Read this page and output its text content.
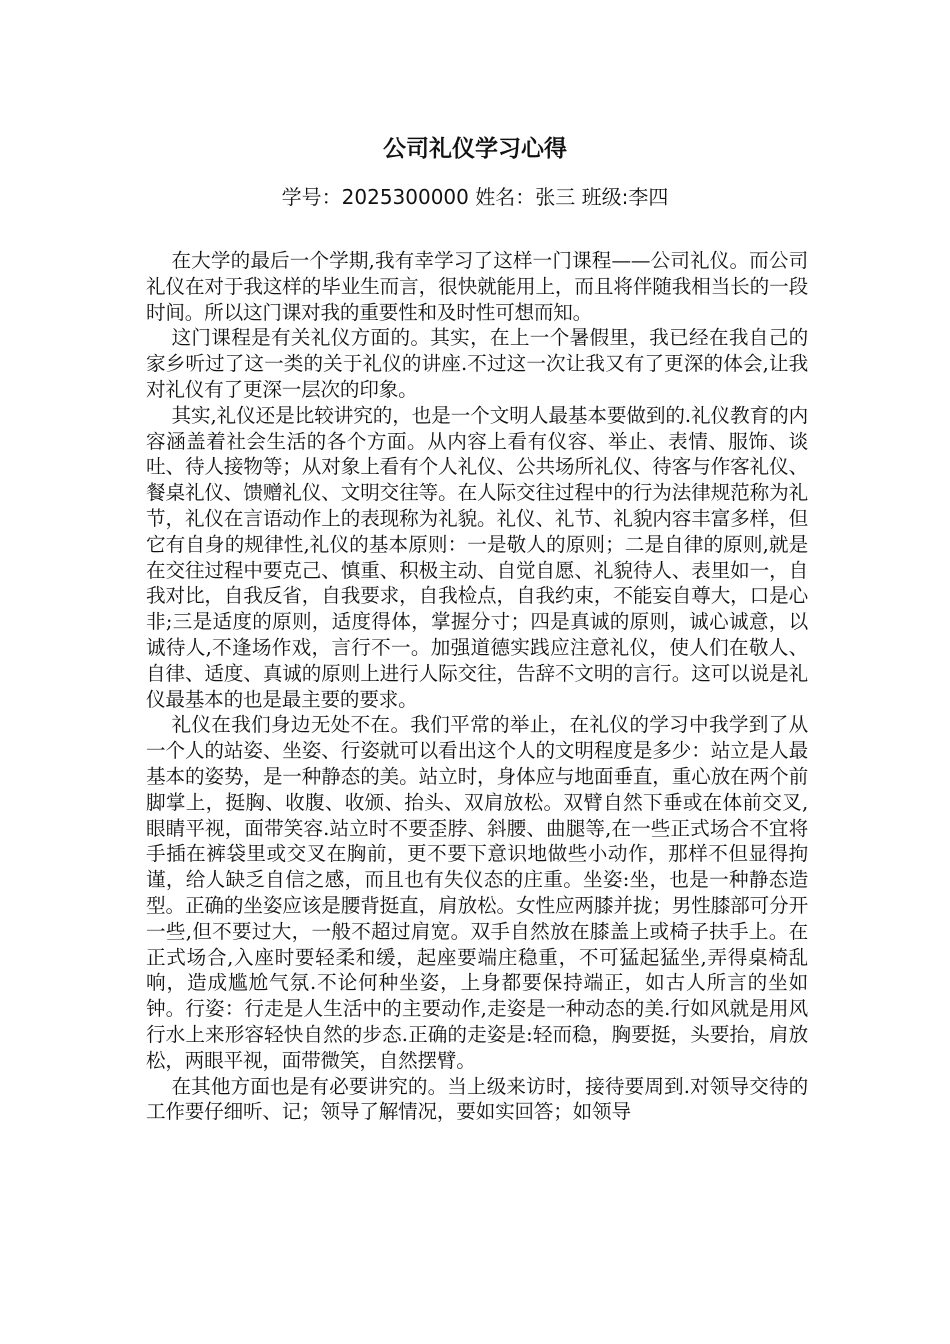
公司礼仪学习心得
学号：2025300000 姓名：张三 班级:李四

在大学的最后一个学期,我有幸学习了这样一门课程——公司礼仪。而公司礼仪在对于我这样的毕业生而言，很快就能用上，而且将伴随我相当长的一段时间。所以这门课对我的重要性和及时性可想而知。

这门课程是有关礼仪方面的。其实，在上一个暑假里，我已经在我自己的家乡听过了这一类的关于礼仪的讲座.不过这一次让我又有了更深的体会,让我对礼仪有了更深一层次的印象。

其实,礼仪还是比较讲究的，也是一个文明人最基本要做到的.礼仪教育的内容涵盖着社会生活的各个方面。从内容上看有仪容、举止、表情、服饰、谈吐、待人接物等；从对象上看有个人礼仪、公共场所礼仪、待客与作客礼仪、餐桌礼仪、馈赠礼仪、文明交往等。在人际交往过程中的行为法律规范称为礼节，礼仪在言语动作上的表现称为礼貌。礼仪、礼节、礼貌内容丰富多样，但它有自身的规律性,礼仪的基本原则：一是敬人的原则；二是自律的原则,就是在交往过程中要克己、慎重、积极主动、自觉自愿、礼貌待人、表里如一，自我对比，自我反省，自我要求，自我检点，自我约束，不能妄自尊大，口是心非;三是适度的原则，适度得体，掌握分寸；四是真诚的原则，诚心诚意，以诚待人,不逢场作戏，言行不一。加强道德实践应注意礼仪，使人们在敬人、自律、适度、真诚的原则上进行人际交往，告辞不文明的言行。这可以说是礼仪最基本的也是最主要的要求。

礼仪在我们身边无处不在。我们平常的举止，在礼仪的学习中我学到了从一个人的站姿、坐姿、行姿就可以看出这个人的文明程度是多少：站立是人最基本的姿势，是一种静态的美。站立时，身体应与地面垂直，重心放在两个前脚掌上，挺胸、收腹、收颁、抬头、双肩放松。双臂自然下垂或在体前交叉,眼睛平视，面带笑容.站立时不要歪脖、斜腰、曲腿等,在一些正式场合不宜将手插在裤袋里或交叉在胸前，更不要下意识地做些小动作，那样不但显得拘谨，给人缺乏自信之感，而且也有失仪态的庄重。坐姿:坐，也是一种静态造型。正确的坐姿应该是腰背挺直，肩放松。女性应两膝并拢；男性膝部可分开一些,但不要过大，一般不超过肩宽。双手自然放在膝盖上或椅子扶手上。在正式场合,入座时要轻柔和缓，起座要端庄稳重，不可猛起猛坐,弄得桌椅乱响，造成尴尬气氛.不论何种坐姿，上身都要保持端正，如古人所言的坐如钟。行姿：行走是人生活中的主要动作,走姿是一种动态的美.行如风就是用风行水上来形容轻快自然的步态.正确的走姿是:轻而稳，胸要挺，头要抬，肩放松，两眼平视，面带微笑，自然摆臂。

在其他方面也是有必要讲究的。当上级来访时，接待要周到.对领导交待的工作要仔细听、记；领导了解情况，要如实回答；如领导
